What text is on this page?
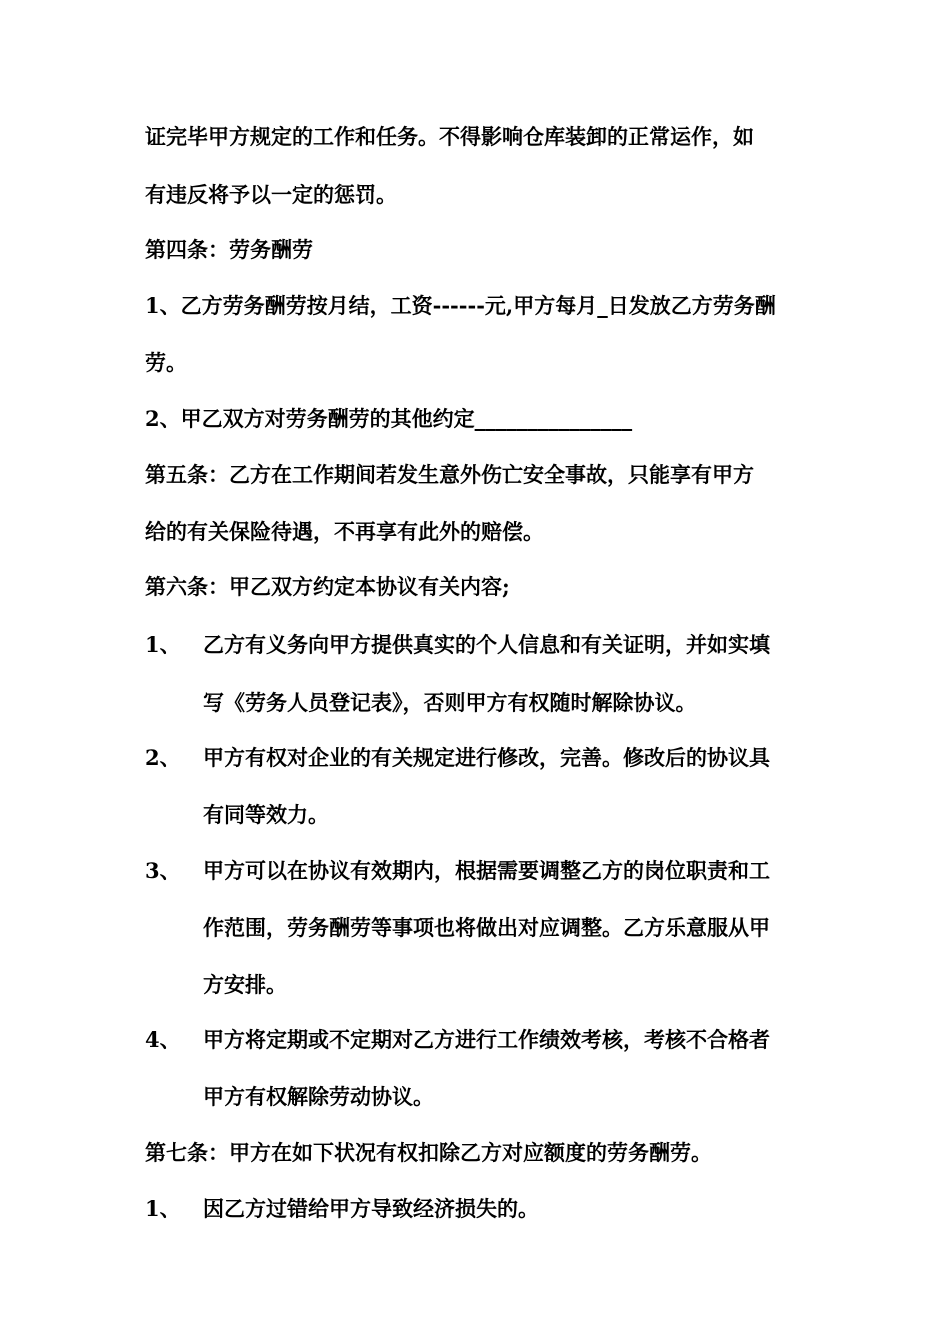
证完毕甲方规定的工作和任务。不得影响仓库装卸的正常运作，如
有违反将予以一定的惩罚。
第四条：劳务酬劳
1、乙方劳务酬劳按月结，工资------元,甲方每月_日发放乙方劳务酬
劳。
2、甲乙双方对劳务酬劳的其他约定_______________
第五条：乙方在工作期间若发生意外伤亡安全事故，只能享有甲方
给的有关保险待遇，不再享有此外的赔偿。
第六条：甲乙双方约定本协议有关内容;
1、 乙方有义务向甲方提供真实的个人信息和有关证明，并如实填
写《劳务人员登记表》，否则甲方有权随时解除协议。
2、 甲方有权对企业的有关规定进行修改，完善。修改后的协议具
有同等效力。
3、 甲方可以在协议有效期内，根据需要调整乙方的岗位职责和工
作范围，劳务酬劳等事项也将做出对应调整。乙方乐意服从甲
方安排。
4、 甲方将定期或不定期对乙方进行工作绩效考核，考核不合格者
甲方有权解除劳动协议。
第七条：甲方在如下状况有权扣除乙方对应额度的劳务酬劳。
1、 因乙方过错给甲方导致经济损失的。
